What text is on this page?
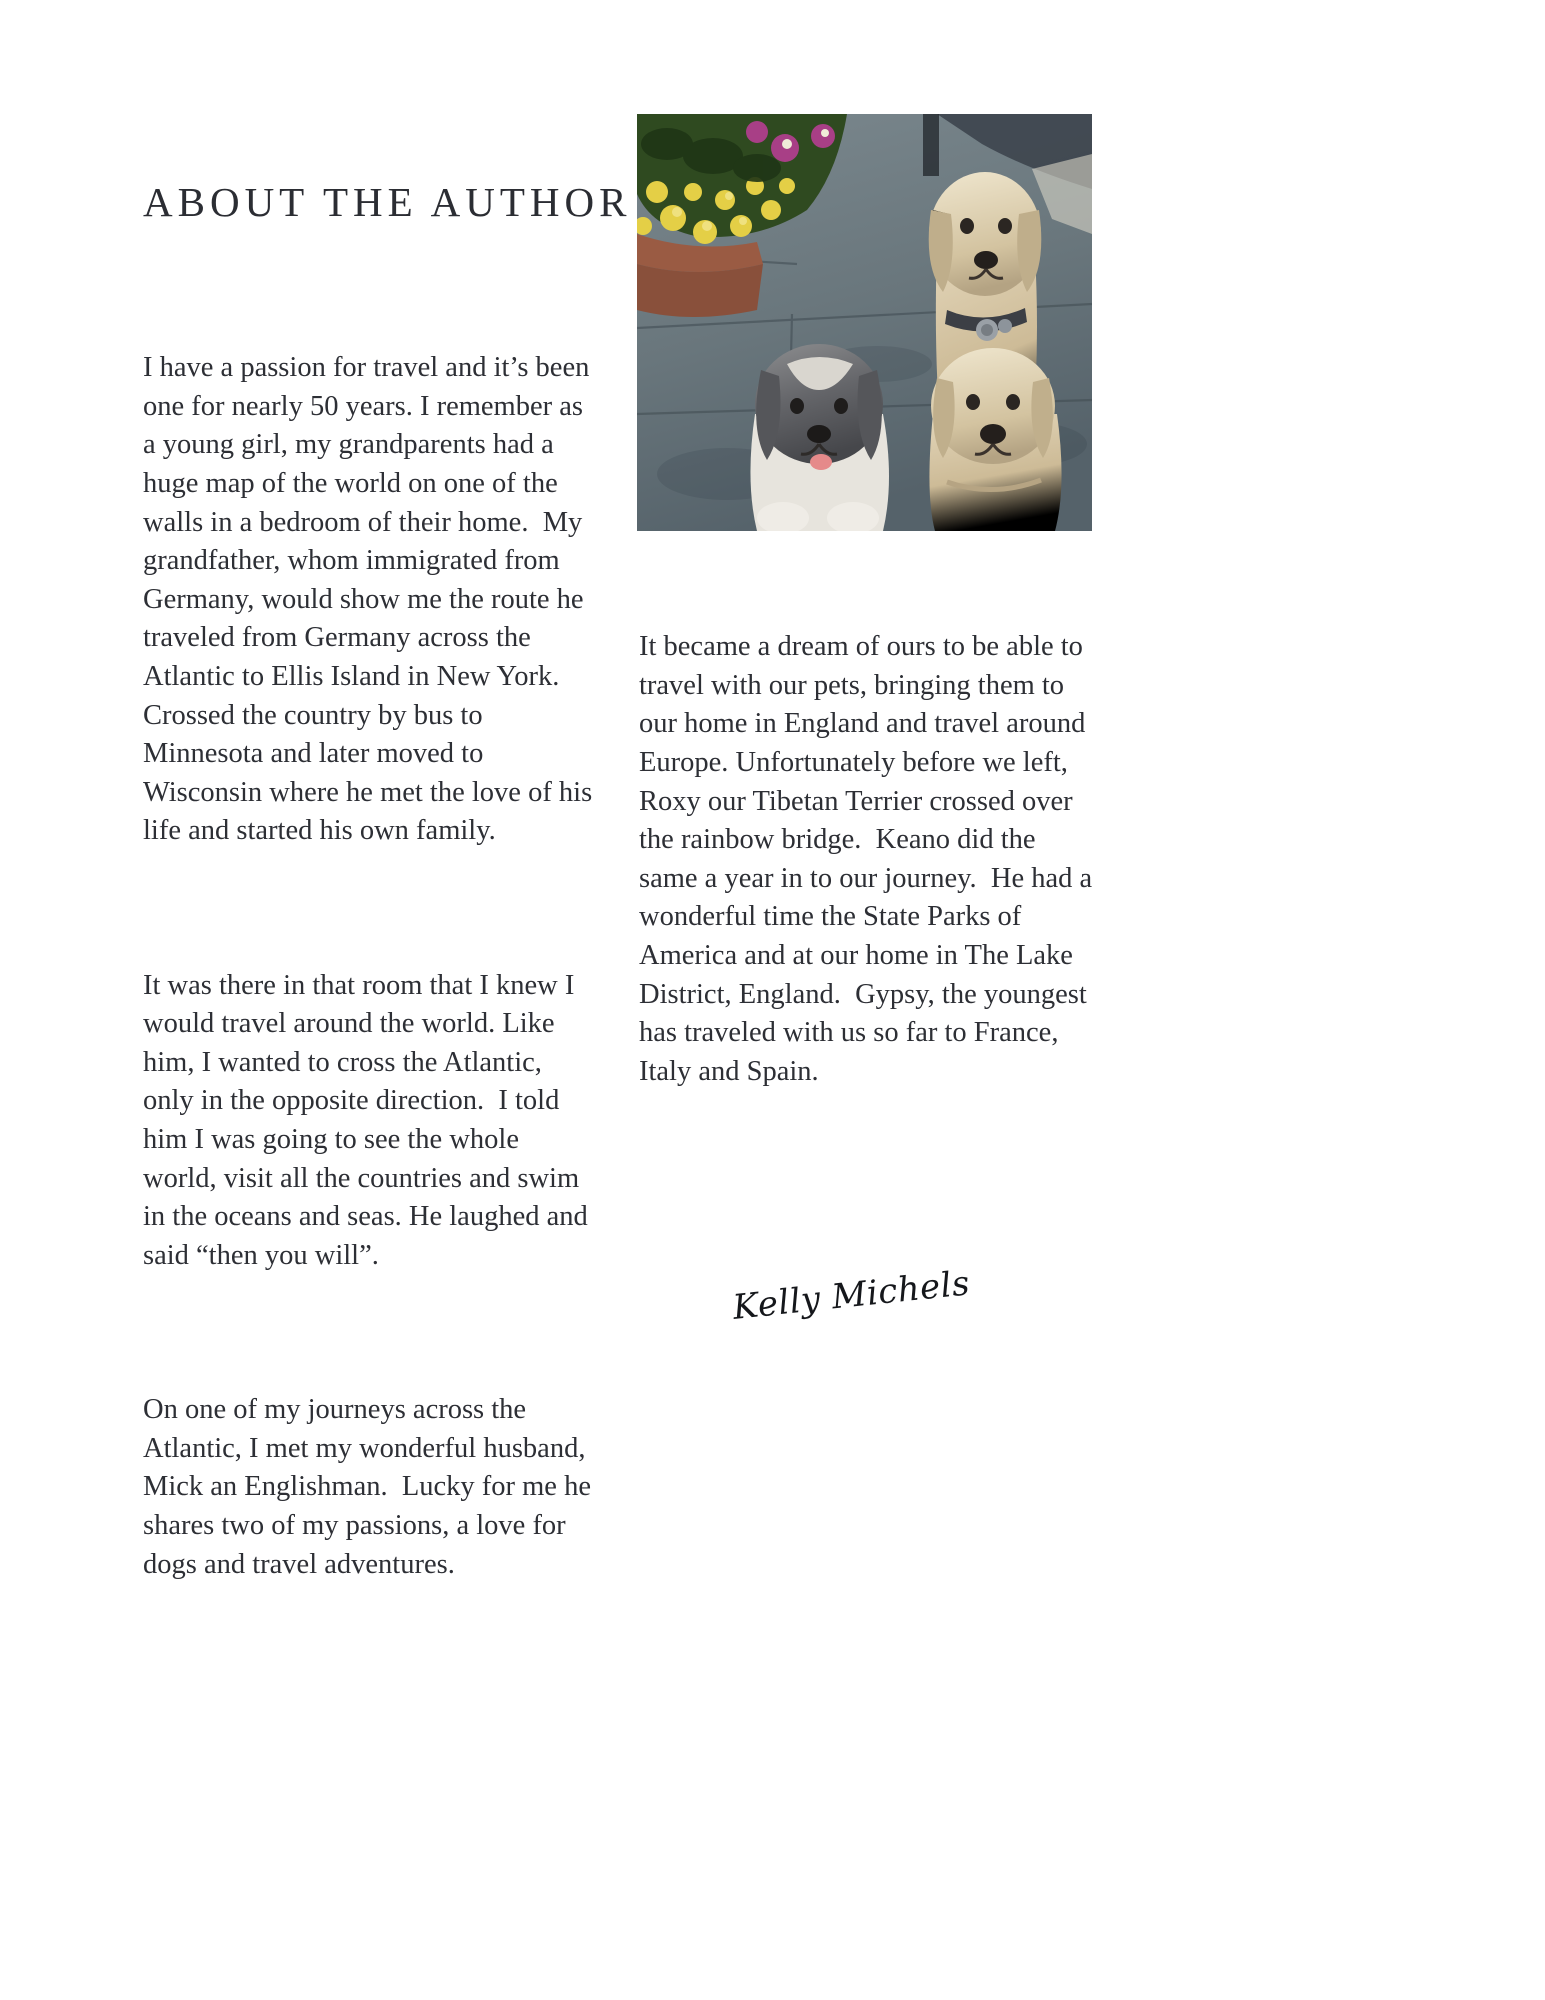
ABOUT THE AUTHOR

I have a passion for travel and it’s been one for nearly 50 years. I remember as a young girl, my grandparents had a huge map of the world on one of the walls in a bedroom of their home.  My grandfather, whom immigrated from Germany, would show me the route he traveled from Germany across the Atlantic to Ellis Island in New York. Crossed the country by bus to Minnesota and later moved to Wisconsin where he met the love of his life and started his own family.

It was there in that room that I knew I would travel around the world. Like him, I wanted to cross the Atlantic, only in the opposite direction.  I told him I was going to see the whole world, visit all the countries and swim in the oceans and seas. He laughed and said “then you will”.

On one of my journeys across the Atlantic, I met my wonderful husband, Mick an Englishman.  Lucky for me he shares two of my passions, a love for dogs and travel adventures.

It became a dream of ours to be able to travel with our pets, bringing them to our home in England and travel around Europe. Unfortunately before we left, Roxy our Tibetan Terrier crossed over the rainbow bridge.  Keano did the same a year in to our journey.  He had a wonderful time the State Parks of America and at our home in The Lake District, England.  Gypsy, the youngest has traveled with us so far to France, Italy and Spain.

Kelly Michels
